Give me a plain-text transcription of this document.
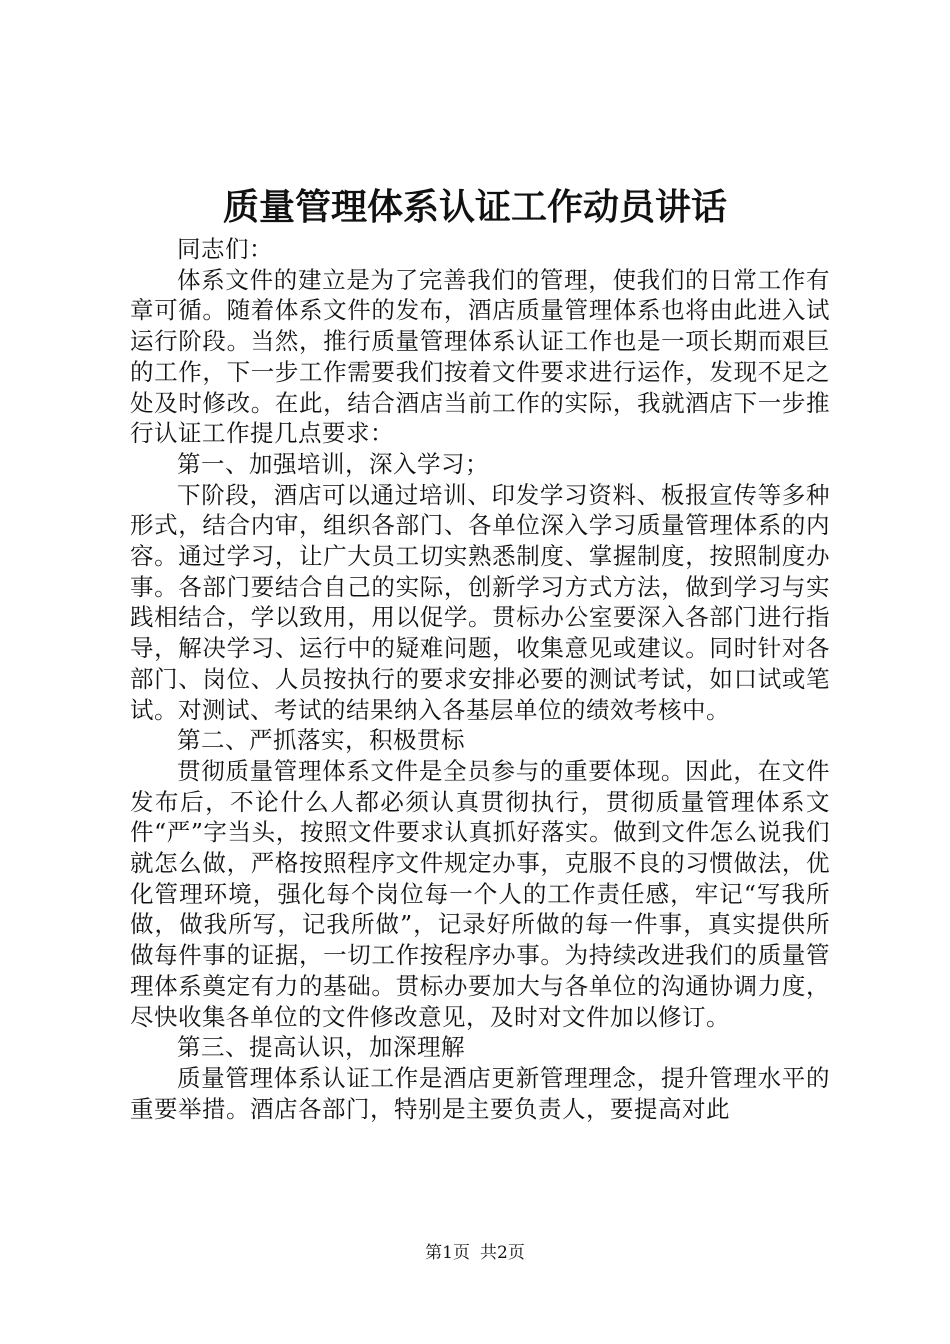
质量管理体系认证工作动员讲话

同志们：

体系文件的建立是为了完善我们的管理，使我们的日常工作有章可循。随着体系文件的发布，酒店质量管理体系也将由此进入试运行阶段。当然，推行质量管理体系认证工作也是一项长期而艰巨的工作，下一步工作需要我们按着文件要求进行运作，发现不足之处及时修改。在此，结合酒店当前工作的实际，我就酒店下一步推行认证工作提几点要求：

第一、加强培训，深入学习；

下阶段，酒店可以通过培训、印发学习资料、板报宣传等多种形式，结合内审，组织各部门、各单位深入学习质量管理体系的内容。通过学习，让广大员工切实熟悉制度、掌握制度，按照制度办事。各部门要结合自己的实际，创新学习方式方法，做到学习与实践相结合，学以致用，用以促学。贯标办公室要深入各部门进行指导，解决学习、运行中的疑难问题，收集意见或建议。同时针对各部门、岗位、人员按执行的要求安排必要的测试考试，如口试或笔试。对测试、考试的结果纳入各基层单位的绩效考核中。

第二、严抓落实，积极贯标

贯彻质量管理体系文件是全员参与的重要体现。因此，在文件发布后，不论什么人都必须认真贯彻执行，贯彻质量管理体系文件“严”字当头，按照文件要求认真抓好落实。做到文件怎么说我们就怎么做，严格按照程序文件规定办事，克服不良的习惯做法，优化管理环境，强化每个岗位每一个人的工作责任感，牢记“写我所做，做我所写，记我所做”，记录好所做的每一件事，真实提供所做每件事的证据，一切工作按程序办事。为持续改进我们的质量管理体系奠定有力的基础。贯标办要加大与各单位的沟通协调力度，尽快收集各单位的文件修改意见，及时对文件加以修订。

第三、提高认识，加深理解

质量管理体系认证工作是酒店更新管理理念，提升管理水平的重要举措。酒店各部门，特别是主要负责人，要提高对此

第1页 共2页
